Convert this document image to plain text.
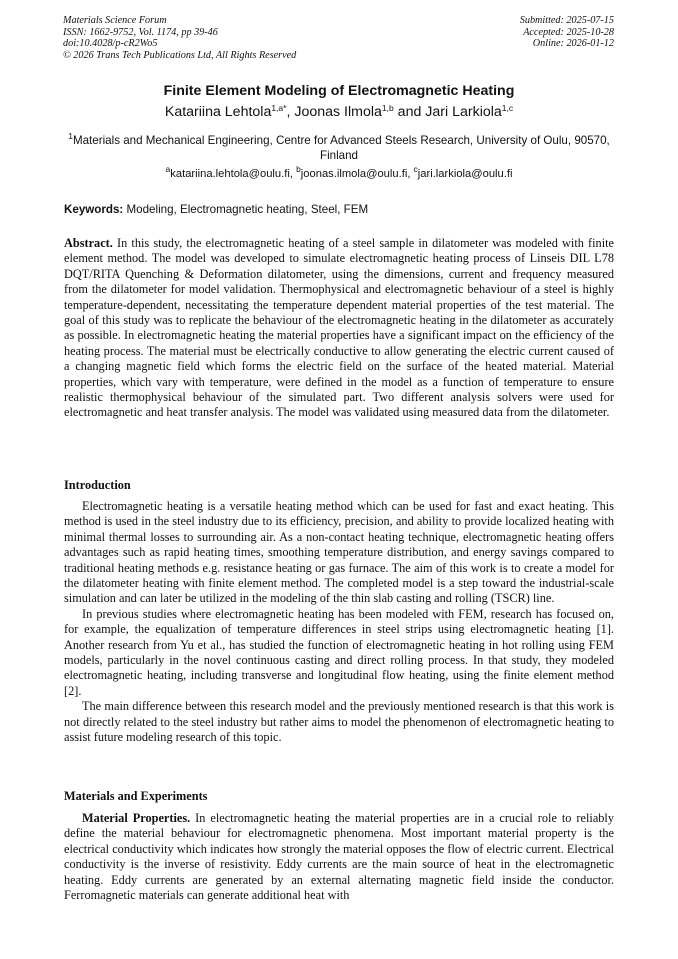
Materials Science Forum
ISSN: 1662-9752, Vol. 1174, pp 39-46
doi:10.4028/p-cR2Wo5
© 2026 Trans Tech Publications Ltd, All Rights Reserved
Submitted: 2025-07-15
Accepted: 2025-10-28
Online: 2026-01-12
Finite Element Modeling of Electromagnetic Heating
Katariina Lehtola$^{1,a*}$, Joonas Ilmola$^{1,b}$ and Jari Larkiola$^{1,c}$
$^1$Materials and Mechanical Engineering, Centre for Advanced Steels Research, University of Oulu, 90570, Finland
$^a$katariina.lehtola@oulu.fi, $^b$joonas.ilmola@oulu.fi, $^c$jari.larkiola@oulu.fi
Keywords: Modeling, Electromagnetic heating, Steel, FEM
Abstract. In this study, the electromagnetic heating of a steel sample in dilatometer was modeled with finite element method. The model was developed to simulate electromagnetic heating process of Linseis DIL L78 DQT/RITA Quenching & Deformation dilatometer, using the dimensions, current and frequency measured from the dilatometer for model validation. Thermophysical and electromagnetic behaviour of a steel is highly temperature-dependent, necessitating the temperature dependent material properties of the test material. The goal of this study was to replicate the behaviour of the electromagnetic heating in the dilatometer as accurately as possible. In electromagnetic heating the material properties have a significant impact on the efficiency of the heating process. The material must be electrically conductive to allow generating the electric current caused of a changing magnetic field which forms the electric field on the surface of the heated material. Material properties, which vary with temperature, were defined in the model as a function of temperature to ensure realistic thermophysical behaviour of the simulated part. Two different analysis solvers were used for electromagnetic and heat transfer analysis. The model was validated using measured data from the dilatometer.
Introduction

Electromagnetic heating is a versatile heating method which can be used for fast and exact heating. This method is used in the steel industry due to its efficiency, precision, and ability to provide localized heating with minimal thermal losses to surrounding air. As a non-contact heating technique, electromagnetic heating offers advantages such as rapid heating times, smoothing temperature distribution, and energy savings compared to traditional heating methods e.g. resistance heating or gas furnace. The aim of this work is to create a model for the dilatometer heating with finite element method. The completed model is a step toward the industrial-scale simulation and can later be utilized in the modeling of the thin slab casting and rolling (TSCR) line.

In previous studies where electromagnetic heating has been modeled with FEM, research has focused on, for example, the equalization of temperature differences in steel strips using electromagnetic heating [1]. Another research from Yu et al., has studied the function of electromagnetic heating in hot rolling using FEM models, particularly in the novel continuous casting and direct rolling process. In that study, they modeled electromagnetic heating, including transverse and longitudinal flow heating, using the finite element method [2].

The main difference between this research model and the previously mentioned research is that this work is not directly related to the steel industry but rather aims to model the phenomenon of electromagnetic heating to assist future modeling research of this topic.

Materials and Experiments

Material Properties. In electromagnetic heating the material properties are in a crucial role to reliably define the material behaviour for electromagnetic phenomena. Most important material property is the electrical conductivity which indicates how strongly the material opposes the flow of electric current. Electrical conductivity is the inverse of resistivity. Eddy currents are the main source of heat in the electromagnetic heating. Eddy currents are generated by an external alternating magnetic field inside the conductor. Ferromagnetic materials can generate additional heat with
